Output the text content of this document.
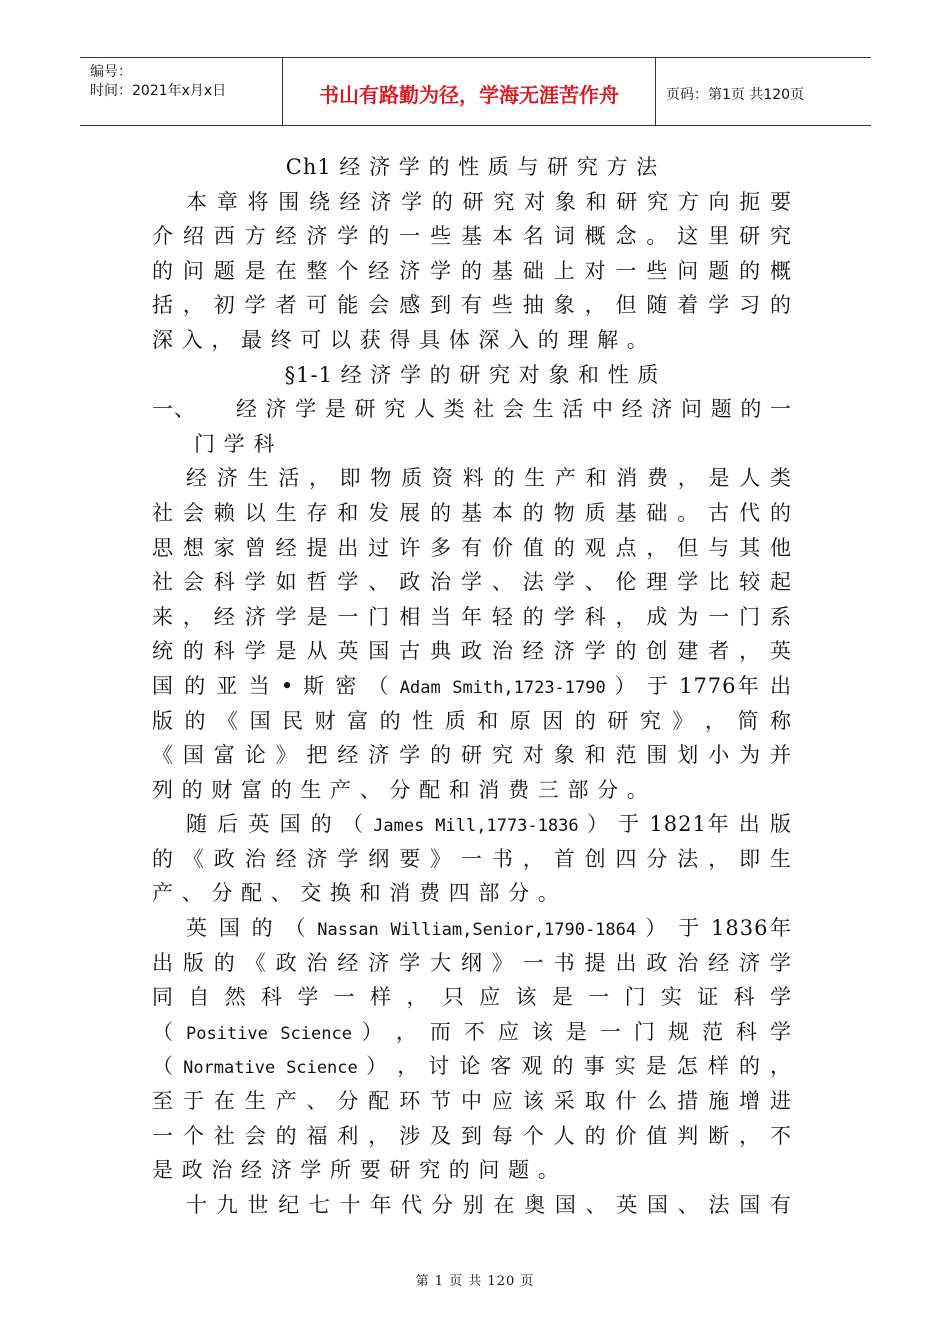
编号：
时间：2021年x月x日	书山有路勤为径，学海无涯苦作舟	页码：第1页 共120页
Ch1 经 济 学 的 性 质 与 研 究 方 法
本 章 将 围 绕 经 济 学 的 研 究 对 象 和 研 究 方 向 扼 要
介 绍 西 方 经 济 学 的 一 些 基 本 名 词 概 念 。 这 里 研 究
的 问 题 是 在 整 个 经 济 学 的 基 础 上 对 一 些 问 题 的 概
括 ， 初 学 者 可 能 会 感 到 有 些 抽 象 ， 但 随 着 学 习 的
深 入 ， 最 终 可 以 获 得 具 体 深 入 的 理 解 。
§1-1 经 济 学 的 研 究 对 象 和 性 质
一、 经 济 学 是 研 究 人 类 社 会 生 活 中 经 济 问 题 的 一
门 学 科
经 济 生 活 ， 即 物 质 资 料 的 生 产 和 消 费 ， 是 人 类
社 会 赖 以 生 存 和 发 展 的 基 本 的 物 质 基 础 。 古 代 的
思 想 家 曾 经 提 出 过 许 多 有 价 值 的 观 点 ， 但 与 其 他
社 会 科 学 如 哲 学 、 政 治 学 、 法 学 、 伦 理 学 比 较 起
来 ， 经 济 学 是 一 门 相 当 年 轻 的 学 科 ， 成 为 一 门 系
统 的 科 学 是 从 英 国 古 典 政 治 经 济 学 的 创 建 者 ， 英
国 的 亚 当 • 斯 密 （ Adam Smith,1723-1790 ） 于 1776年 出
版 的 《 国 民 财 富 的 性 质 和 原 因 的 研 究 》 ， 简 称
《 国 富 论 》 把 经 济 学 的 研 究 对 象 和 范 围 划 小 为 并
列 的 财 富 的 生 产 、 分 配 和 消 费 三 部 分 。
随 后 英 国 的 （ James Mill,1773-1836 ） 于 1821年 出 版
的 《 政 治 经 济 学 纲 要 》 一 书 ， 首 创 四 分 法 ， 即 生
产 、 分 配 、 交 换 和 消 费 四 部 分 。
英 国 的 （ Nassan William,Senior,1790-1864 ） 于 1836年
出 版 的 《 政 治 经 济 学 大 纲 》 一 书 提 出 政 治 经 济 学
同 自 然 科 学 一 样 ， 只 应 该 是 一 门 实 证 科 学
（ Positive Science ） ， 而 不 应 该 是 一 门 规 范 科 学
（ Normative Science ） ， 讨 论 客 观 的 事 实 是 怎 样 的 ，
至 于 在 生 产 、 分 配 环 节 中 应 该 采 取 什 么 措 施 增 进
一 个 社 会 的 福 利 ， 涉 及 到 每 个 人 的 价 值 判 断 ， 不
是 政 治 经 济 学 所 要 研 究 的 问 题 。
十 九 世 纪 七 十 年 代 分 别 在 奥 国 、 英 国 、 法 国 有
第 1 页 共 120 页
